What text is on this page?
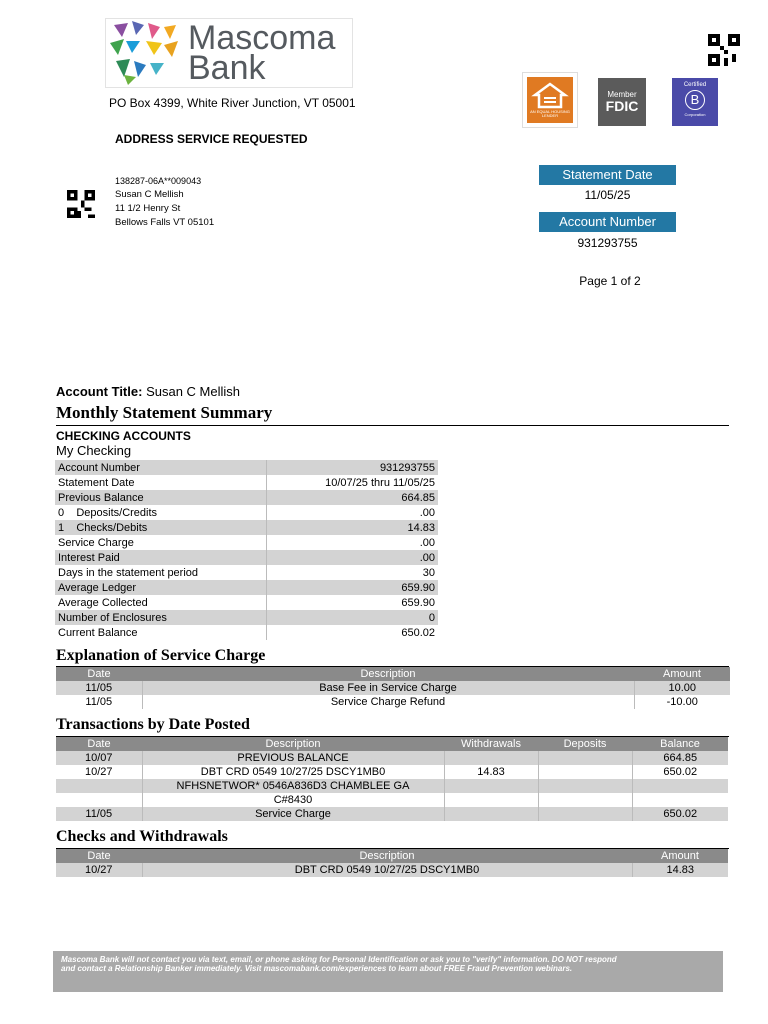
Mascoma
Bank
PO Box 4399, White River Junction, VT 05001
ADDRESS SERVICE REQUESTED
AN EQUAL HOUSING LENDER
Member
FDIC
Certified
B
Corporation
138287-06A**009043
Susan C Mellish
11 1/2 Henry St
Bellows Falls VT 05101
Statement Date
11/05/25
Account Number
931293755
Page 1 of 2
Account Title: Susan C Mellish
Monthly Statement Summary
CHECKING ACCOUNTS
My Checking
Account Number	931293755
Statement Date	10/07/25 thru 11/05/25
Previous Balance	664.85
0    Deposits/Credits	.00
1    Checks/Debits	14.83
Service Charge	.00
Interest Paid	.00
Days in the statement period	30
Average Ledger	659.90
Average Collected	659.90
Number of Enclosures	0
Current Balance	650.02
Explanation of Service Charge
Date	Description	Amount
11/05	Base Fee in Service Charge	10.00
11/05	Service Charge Refund	-10.00
Transactions by Date Posted
Date	Description	Withdrawals	Deposits	Balance
10/07	PREVIOUS BALANCE			664.85
10/27	DBT CRD 0549 10/27/25 DSCY1MB0	14.83		650.02
	NFHSNETWOR* 0546A836D3 CHAMBLEE GA			
	C#8430			
11/05	Service Charge			650.02
Checks and Withdrawals
Date	Description	Amount
10/27	DBT CRD 0549 10/27/25 DSCY1MB0	14.83
Mascoma Bank will not contact you via text, email, or phone asking for Personal Identification or ask you to "verify" information. DO NOT respond
and contact a Relationship Banker immediately. Visit mascomabank.com/experiences to learn about FREE Fraud Prevention webinars.
